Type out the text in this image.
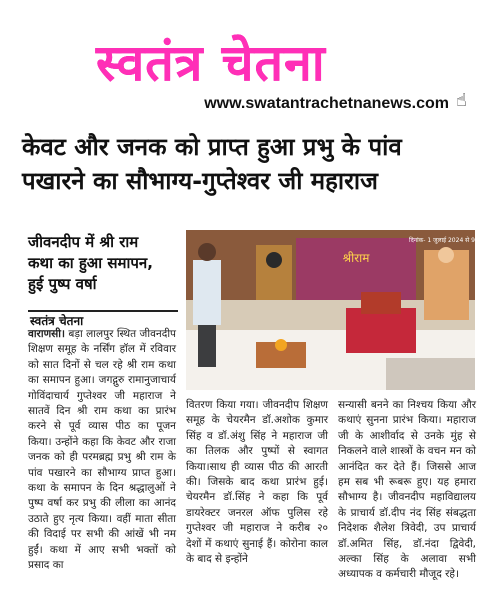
स्वतंत्र चेतना
www.swatantrachetnanews.com ☝
केवट और जनक को प्राप्त हुआ प्रभु के पांव
पखारने का सौभाग्य-गुप्तेश्वर जी महाराज
जीवनदीप में श्री राम
कथा का हुआ समापन,
हुई पुष्प वर्षा
श्रीराम
दिनांक- 1 जुलाई 2024 से 9
स्वतंत्र चेतना
वाराणसी। बड़ा लालपुर स्थित जीवनदीप शिक्षण समूह के नर्सिंग हॉल में रविवार को सात दिनों से चल रहे श्री राम कथा का समापन हुआ। जगद्गुरु रामानुजाचार्य गोविंदाचार्य गुप्तेश्वर जी महाराज ने सातवें दिन श्री राम कथा का प्रारंभ करने से पूर्व व्यास पीठ का पूजन किया। उन्होंने कहा कि केवट और राजा जनक को ही परमब्रह्म प्रभु श्री राम के पांव पखारने का सौभाग्य प्राप्त हुआ। कथा के समापन के दिन श्रद्धालुओं ने पुष्प वर्षा कर प्रभु की लीला का आनंद उठाते हुए नृत्य किया। वहीं माता सीता की विदाई पर सभी की आंखें भी नम हुईं। कथा में आए सभी भक्तों को प्रसाद का
वितरण किया गया। जीवनदीप शिक्षण समूह के चेयरमैन डॉ.अशोक कुमार सिंह व डॉ.अंशु सिंह ने महाराज जी का तिलक और पुष्पों से स्वागत किया।साथ ही व्यास पीठ की आरती की। जिसके बाद कथा प्रारंभ हुई। चेयरमैन डॉ.सिंह ने कहा कि पूर्व डायरेक्टर जनरल ऑफ पुलिस रहे गुप्तेश्वर जी महाराज ने करीब २० देशों में कथाएं सुनाई हैं। कोरोना काल के बाद से इन्होंने
सन्यासी बनने का निश्चय किया और कथाएं सुनना प्रारंभ किया। महाराज जी के आशीर्वाद से उनके मुंह से निकलने वाले शास्त्रों के वचन मन को आनंदित कर देते हैं। जिससे आज हम सब भी रूबरू हुए। यह हमारा सौभाग्य है। जीवनदीप महाविद्यालय के प्राचार्य डॉ.दीप नंद सिंह संबद्धता निदेशक शैलेश त्रिवेदी, उप प्राचार्य डॉ.अमित सिंह, डॉ.नंदा द्विवेदी, अल्का सिंह के अलावा सभी अध्यापक व कर्मचारी मौजूद रहे।
